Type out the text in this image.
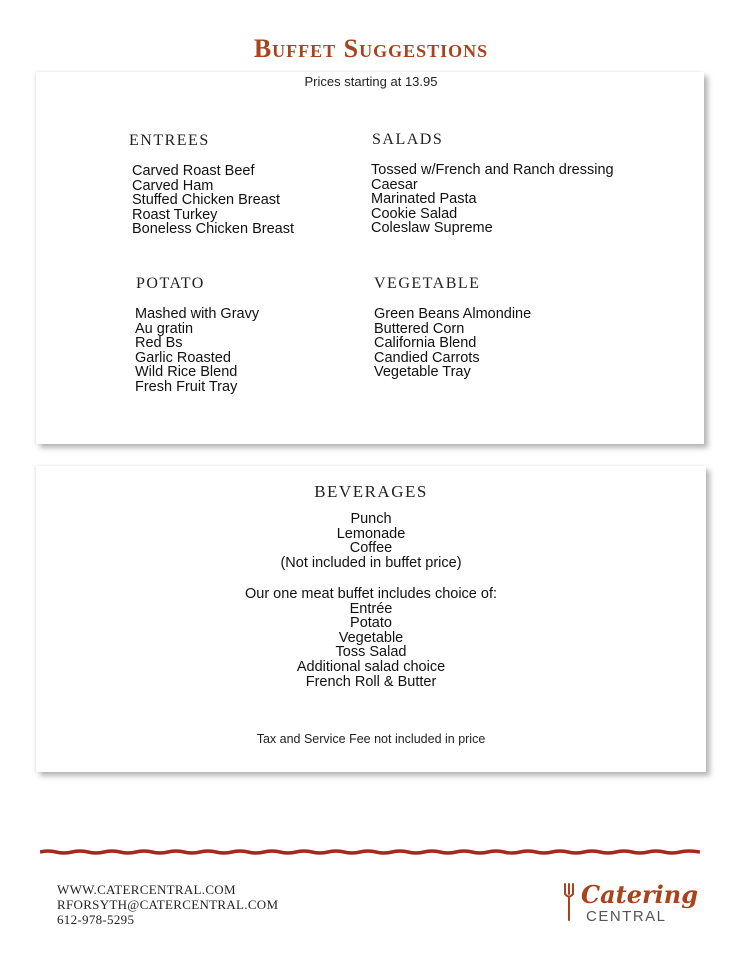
Buffet Suggestions
Prices starting at 13.95
ENTREES
Carved Roast Beef
Carved Ham
Stuffed Chicken Breast
Roast Turkey
Boneless Chicken Breast
SALADS
Tossed w/French and Ranch dressing
Caesar
Marinated Pasta
Cookie Salad
Coleslaw Supreme
POTATO
Mashed with Gravy
Au gratin
Red Bs
Garlic Roasted
Wild Rice Blend
Fresh Fruit Tray
VEGETABLE
Green Beans Almondine
Buttered Corn
California Blend
Candied Carrots
Vegetable Tray
BEVERAGES
Punch
Lemonade
Coffee
(Not included in buffet price)
Our one meat buffet includes choice of:
Entrée
Potato
Vegetable
Toss Salad
Additional salad choice
French Roll & Butter
Tax and Service Fee not included in price
WWW.CATERCENTRAL.COM
RFORSYTH@CATERCENTRAL.COM
612-978-5295
Catering
CENTRAL
